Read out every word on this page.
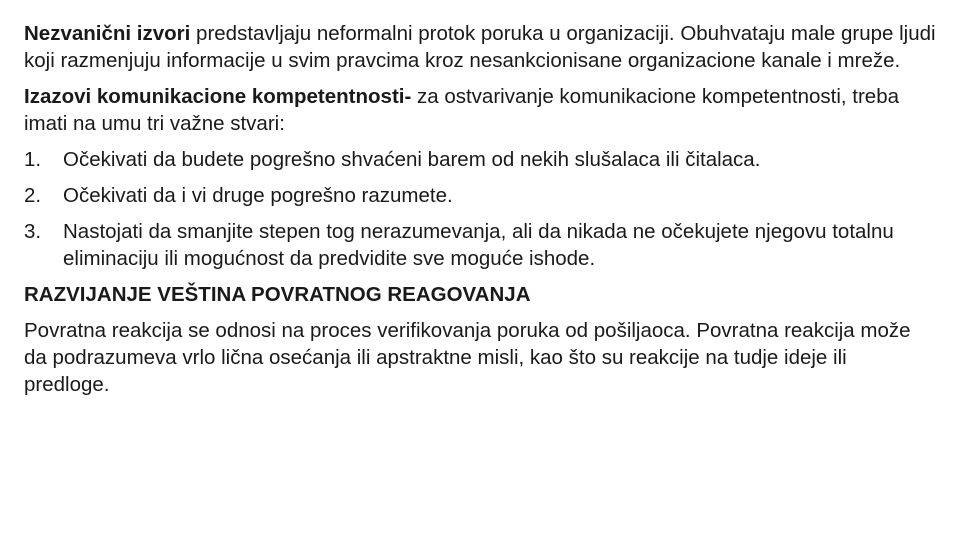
Nezvanični izvori predstavljaju neformalni protok poruka u organizaciji. Obuhvataju male grupe ljudi koji razmenjuju informacije u svim pravcima kroz nesankcionisane organizacione kanale i mreže.

Izazovi komunikacione kompetentnosti- za ostvarivanje komunikacione kompetentnosti, treba imati na umu tri važne stvari:

1. Očekivati da budete pogrešno shvaćeni barem od nekih slušalaca ili čitalaca.
2. Očekivati da i vi druge pogrešno razumete.
3. Nastojati da smanjite stepen tog nerazumevanja, ali da nikada ne očekujete njegovu totalnu eliminaciju ili mogućnost da predvidite sve moguće ishode.

RAZVIJANJE VEŠTINA POVRATNOG REAGOVANJA

Povratna reakcija se odnosi na proces verifikovanja poruka od pošiljaoca. Povratna reakcija može da podrazumeva vrlo lična osećanja ili apstraktne misli, kao što su reakcije na tudje ideje ili predloge.
